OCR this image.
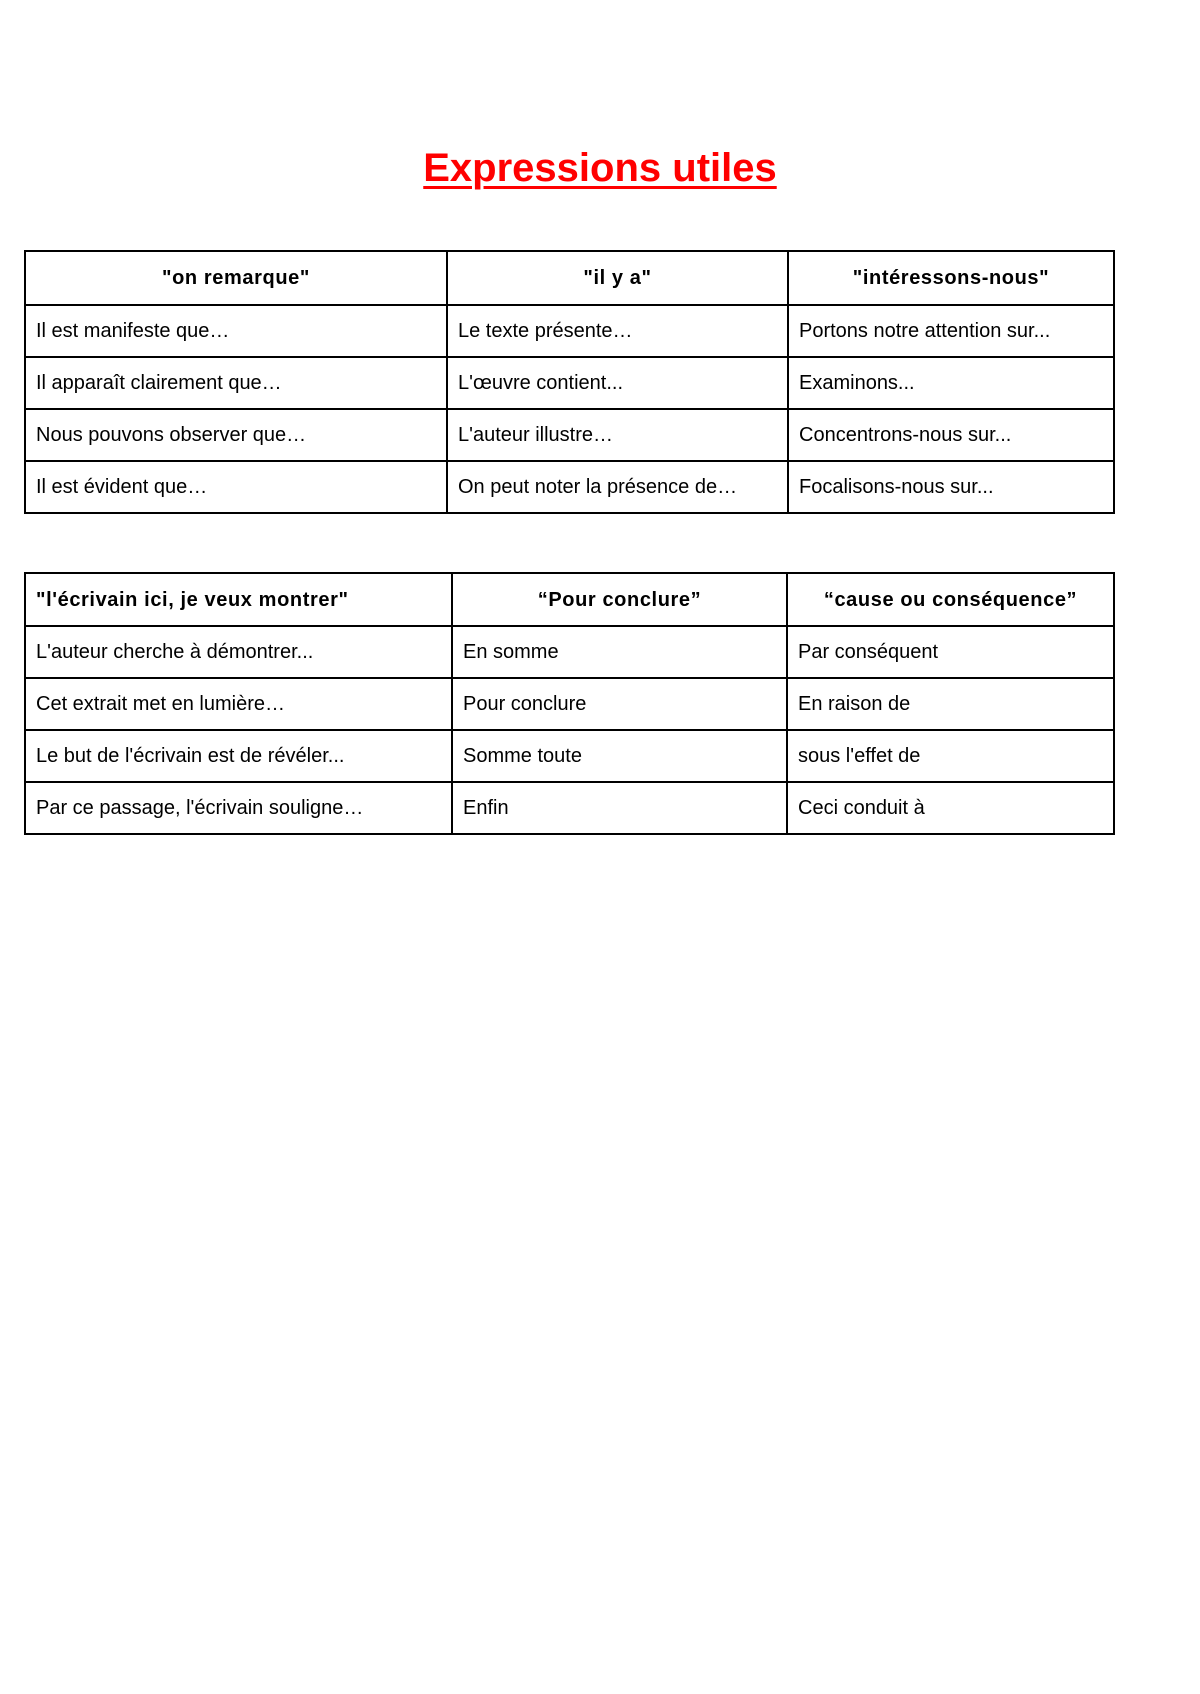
Expressions utiles
"on remarque"	"il y a"	"intéressons-nous"
Il est manifeste que…	Le texte présente…	Portons notre attention sur...
Il apparaît clairement que…	L'œuvre contient...	Examinons...
Nous pouvons observer que…	L'auteur illustre…	Concentrons-nous sur...
Il est évident que…	On peut noter la présence de…	Focalisons-nous sur...
"l'écrivain ici, je veux montrer"	“Pour conclure”	“cause ou conséquence”
L'auteur cherche à démontrer...	En somme	Par conséquent
Cet extrait met en lumière…	Pour conclure	En raison de
Le but de l'écrivain est de révéler...	Somme toute	sous l'effet de
Par ce passage, l'écrivain souligne…	Enfin	Ceci conduit à
